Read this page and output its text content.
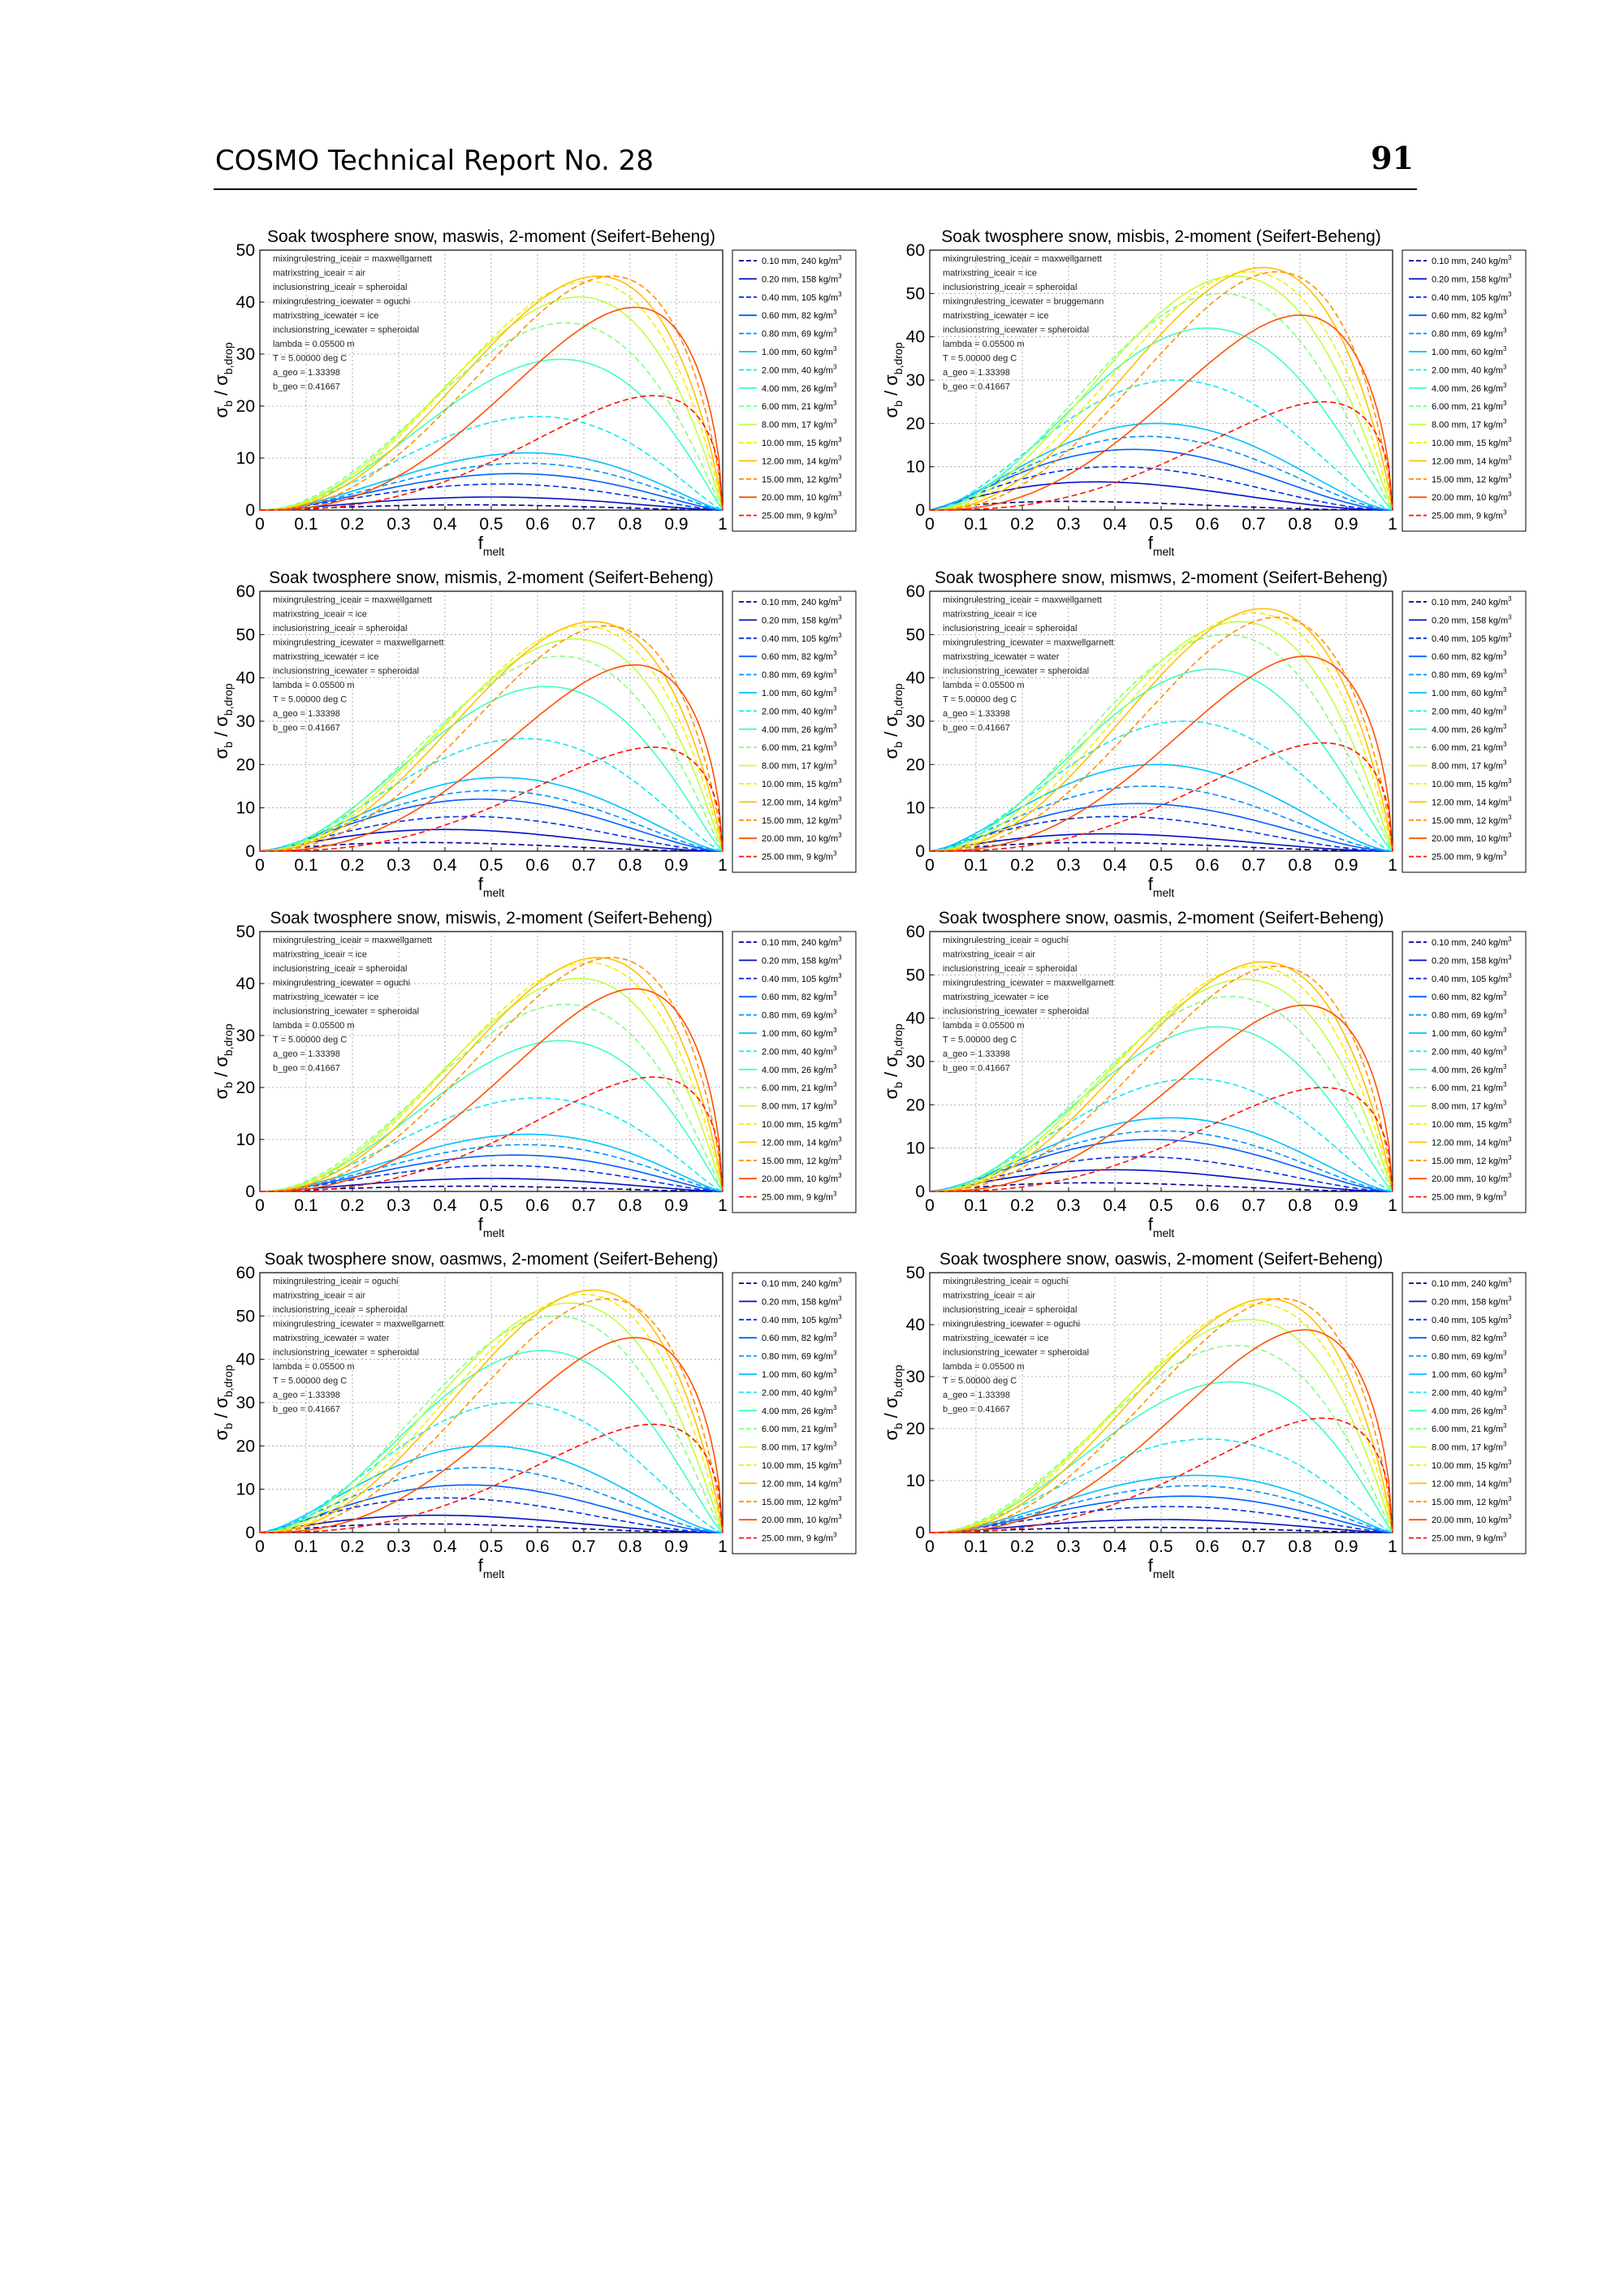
COSMO Technical Report No. 28	91
Soak twosphere snow, maswis, 2-moment (Seifert-Beheng)
0 0.1 0.2 0.3 0.4 0.5 0.6 0.7 0.8 0.9 1
0
10
20
30
40
50
$f_{melt}$
$\sigma_b / \sigma_{b,drop}$
mixingrulestring_iceair = maxwellgarnett
matrixstring_iceair = air
inclusionstring_iceair = spheroidal
mixingrulestring_icewater = oguchi
matrixstring_icewater = ice
inclusionstring_icewater = spheroidal
lambda = 0.05500 m
T = 5.00000 deg C
a_geo = 1.33398
b_geo = 0.41667
0.10 mm, 240 $kg/m^3$
0.20 mm, 158 $kg/m^3$
0.40 mm, 105 $kg/m^3$
0.60 mm, 82 $kg/m^3$
0.80 mm, 69 $kg/m^3$
1.00 mm, 60 $kg/m^3$
2.00 mm, 40 $kg/m^3$
4.00 mm, 26 $kg/m^3$
6.00 mm, 21 $kg/m^3$
8.00 mm, 17 $kg/m^3$
10.00 mm, 15 $kg/m^3$
12.00 mm, 14 $kg/m^3$
15.00 mm, 12 $kg/m^3$
20.00 mm, 10 $kg/m^3$
25.00 mm, 9 $kg/m^3$
Soak twosphere snow, misbis, 2-moment (Seifert-Beheng)
0 0.1 0.2 0.3 0.4 0.5 0.6 0.7 0.8 0.9 1
0
10
20
30
40
50
60
$f_{melt}$
$\sigma_b / \sigma_{b,drop}$
mixingrulestring_iceair = maxwellgarnett
matrixstring_iceair = ice
inclusionstring_iceair = spheroidal
mixingrulestring_icewater = bruggemann
matrixstring_icewater = ice
inclusionstring_icewater = spheroidal
lambda = 0.05500 m
T = 5.00000 deg C
a_geo = 1.33398
b_geo = 0.41667
0.10 mm, 240 $kg/m^3$
0.20 mm, 158 $kg/m^3$
0.40 mm, 105 $kg/m^3$
0.60 mm, 82 $kg/m^3$
0.80 mm, 69 $kg/m^3$
1.00 mm, 60 $kg/m^3$
2.00 mm, 40 $kg/m^3$
4.00 mm, 26 $kg/m^3$
6.00 mm, 21 $kg/m^3$
8.00 mm, 17 $kg/m^3$
10.00 mm, 15 $kg/m^3$
12.00 mm, 14 $kg/m^3$
15.00 mm, 12 $kg/m^3$
20.00 mm, 10 $kg/m^3$
25.00 mm, 9 $kg/m^3$
Soak twosphere snow, mismis, 2-moment (Seifert-Beheng)
0 0.1 0.2 0.3 0.4 0.5 0.6 0.7 0.8 0.9 1
0
10
20
30
40
50
60
$f_{melt}$
$\sigma_b / \sigma_{b,drop}$
mixingrulestring_iceair = maxwellgarnett
matrixstring_iceair = ice
inclusionstring_iceair = spheroidal
mixingrulestring_icewater = maxwellgarnett
matrixstring_icewater = ice
inclusionstring_icewater = spheroidal
lambda = 0.05500 m
T = 5.00000 deg C
a_geo = 1.33398
b_geo = 0.41667
0.10 mm, 240 $kg/m^3$
0.20 mm, 158 $kg/m^3$
0.40 mm, 105 $kg/m^3$
0.60 mm, 82 $kg/m^3$
0.80 mm, 69 $kg/m^3$
1.00 mm, 60 $kg/m^3$
2.00 mm, 40 $kg/m^3$
4.00 mm, 26 $kg/m^3$
6.00 mm, 21 $kg/m^3$
8.00 mm, 17 $kg/m^3$
10.00 mm, 15 $kg/m^3$
12.00 mm, 14 $kg/m^3$
15.00 mm, 12 $kg/m^3$
20.00 mm, 10 $kg/m^3$
25.00 mm, 9 $kg/m^3$
Soak twosphere snow, mismws, 2-moment (Seifert-Beheng)
0 0.1 0.2 0.3 0.4 0.5 0.6 0.7 0.8 0.9 1
0
10
20
30
40
50
60
$f_{melt}$
$\sigma_b / \sigma_{b,drop}$
mixingrulestring_iceair = maxwellgarnett
matrixstring_iceair = ice
inclusionstring_iceair = spheroidal
mixingrulestring_icewater = maxwellgarnett
matrixstring_icewater = water
inclusionstring_icewater = spheroidal
lambda = 0.05500 m
T = 5.00000 deg C
a_geo = 1.33398
b_geo = 0.41667
0.10 mm, 240 $kg/m^3$
0.20 mm, 158 $kg/m^3$
0.40 mm, 105 $kg/m^3$
0.60 mm, 82 $kg/m^3$
0.80 mm, 69 $kg/m^3$
1.00 mm, 60 $kg/m^3$
2.00 mm, 40 $kg/m^3$
4.00 mm, 26 $kg/m^3$
6.00 mm, 21 $kg/m^3$
8.00 mm, 17 $kg/m^3$
10.00 mm, 15 $kg/m^3$
12.00 mm, 14 $kg/m^3$
15.00 mm, 12 $kg/m^3$
20.00 mm, 10 $kg/m^3$
25.00 mm, 9 $kg/m^3$
Soak twosphere snow, miswis, 2-moment (Seifert-Beheng)
0 0.1 0.2 0.3 0.4 0.5 0.6 0.7 0.8 0.9 1
0
10
20
30
40
50
$f_{melt}$
$\sigma_b / \sigma_{b,drop}$
mixingrulestring_iceair = maxwellgarnett
matrixstring_iceair = ice
inclusionstring_iceair = spheroidal
mixingrulestring_icewater = oguchi
matrixstring_icewater = ice
inclusionstring_icewater = spheroidal
lambda = 0.05500 m
T = 5.00000 deg C
a_geo = 1.33398
b_geo = 0.41667
0.10 mm, 240 $kg/m^3$
0.20 mm, 158 $kg/m^3$
0.40 mm, 105 $kg/m^3$
0.60 mm, 82 $kg/m^3$
0.80 mm, 69 $kg/m^3$
1.00 mm, 60 $kg/m^3$
2.00 mm, 40 $kg/m^3$
4.00 mm, 26 $kg/m^3$
6.00 mm, 21 $kg/m^3$
8.00 mm, 17 $kg/m^3$
10.00 mm, 15 $kg/m^3$
12.00 mm, 14 $kg/m^3$
15.00 mm, 12 $kg/m^3$
20.00 mm, 10 $kg/m^3$
25.00 mm, 9 $kg/m^3$
Soak twosphere snow, oasmis, 2-moment (Seifert-Beheng)
0 0.1 0.2 0.3 0.4 0.5 0.6 0.7 0.8 0.9 1
0
10
20
30
40
50
60
$f_{melt}$
$\sigma_b / \sigma_{b,drop}$
mixingrulestring_iceair = oguchi
matrixstring_iceair = air
inclusionstring_iceair = spheroidal
mixingrulestring_icewater = maxwellgarnett
matrixstring_icewater = ice
inclusionstring_icewater = spheroidal
lambda = 0.05500 m
T = 5.00000 deg C
a_geo = 1.33398
b_geo = 0.41667
0.10 mm, 240 $kg/m^3$
0.20 mm, 158 $kg/m^3$
0.40 mm, 105 $kg/m^3$
0.60 mm, 82 $kg/m^3$
0.80 mm, 69 $kg/m^3$
1.00 mm, 60 $kg/m^3$
2.00 mm, 40 $kg/m^3$
4.00 mm, 26 $kg/m^3$
6.00 mm, 21 $kg/m^3$
8.00 mm, 17 $kg/m^3$
10.00 mm, 15 $kg/m^3$
12.00 mm, 14 $kg/m^3$
15.00 mm, 12 $kg/m^3$
20.00 mm, 10 $kg/m^3$
25.00 mm, 9 $kg/m^3$
Soak twosphere snow, oasmws, 2-moment (Seifert-Beheng)
0 0.1 0.2 0.3 0.4 0.5 0.6 0.7 0.8 0.9 1
0
10
20
30
40
50
60
$f_{melt}$
$\sigma_b / \sigma_{b,drop}$
mixingrulestring_iceair = oguchi
matrixstring_iceair = air
inclusionstring_iceair = spheroidal
mixingrulestring_icewater = maxwellgarnett
matrixstring_icewater = water
inclusionstring_icewater = spheroidal
lambda = 0.05500 m
T = 5.00000 deg C
a_geo = 1.33398
b_geo = 0.41667
0.10 mm, 240 $kg/m^3$
0.20 mm, 158 $kg/m^3$
0.40 mm, 105 $kg/m^3$
0.60 mm, 82 $kg/m^3$
0.80 mm, 69 $kg/m^3$
1.00 mm, 60 $kg/m^3$
2.00 mm, 40 $kg/m^3$
4.00 mm, 26 $kg/m^3$
6.00 mm, 21 $kg/m^3$
8.00 mm, 17 $kg/m^3$
10.00 mm, 15 $kg/m^3$
12.00 mm, 14 $kg/m^3$
15.00 mm, 12 $kg/m^3$
20.00 mm, 10 $kg/m^3$
25.00 mm, 9 $kg/m^3$
Soak twosphere snow, oaswis, 2-moment (Seifert-Beheng)
0 0.1 0.2 0.3 0.4 0.5 0.6 0.7 0.8 0.9 1
0
10
20
30
40
50
$f_{melt}$
$\sigma_b / \sigma_{b,drop}$
mixingrulestring_iceair = oguchi
matrixstring_iceair = air
inclusionstring_iceair = spheroidal
mixingrulestring_icewater = oguchi
matrixstring_icewater = ice
inclusionstring_icewater = spheroidal
lambda = 0.05500 m
T = 5.00000 deg C
a_geo = 1.33398
b_geo = 0.41667
0.10 mm, 240 $kg/m^3$
0.20 mm, 158 $kg/m^3$
0.40 mm, 105 $kg/m^3$
0.60 mm, 82 $kg/m^3$
0.80 mm, 69 $kg/m^3$
1.00 mm, 60 $kg/m^3$
2.00 mm, 40 $kg/m^3$
4.00 mm, 26 $kg/m^3$
6.00 mm, 21 $kg/m^3$
8.00 mm, 17 $kg/m^3$
10.00 mm, 15 $kg/m^3$
12.00 mm, 14 $kg/m^3$
15.00 mm, 12 $kg/m^3$
20.00 mm, 10 $kg/m^3$
25.00 mm, 9 $kg/m^3$
